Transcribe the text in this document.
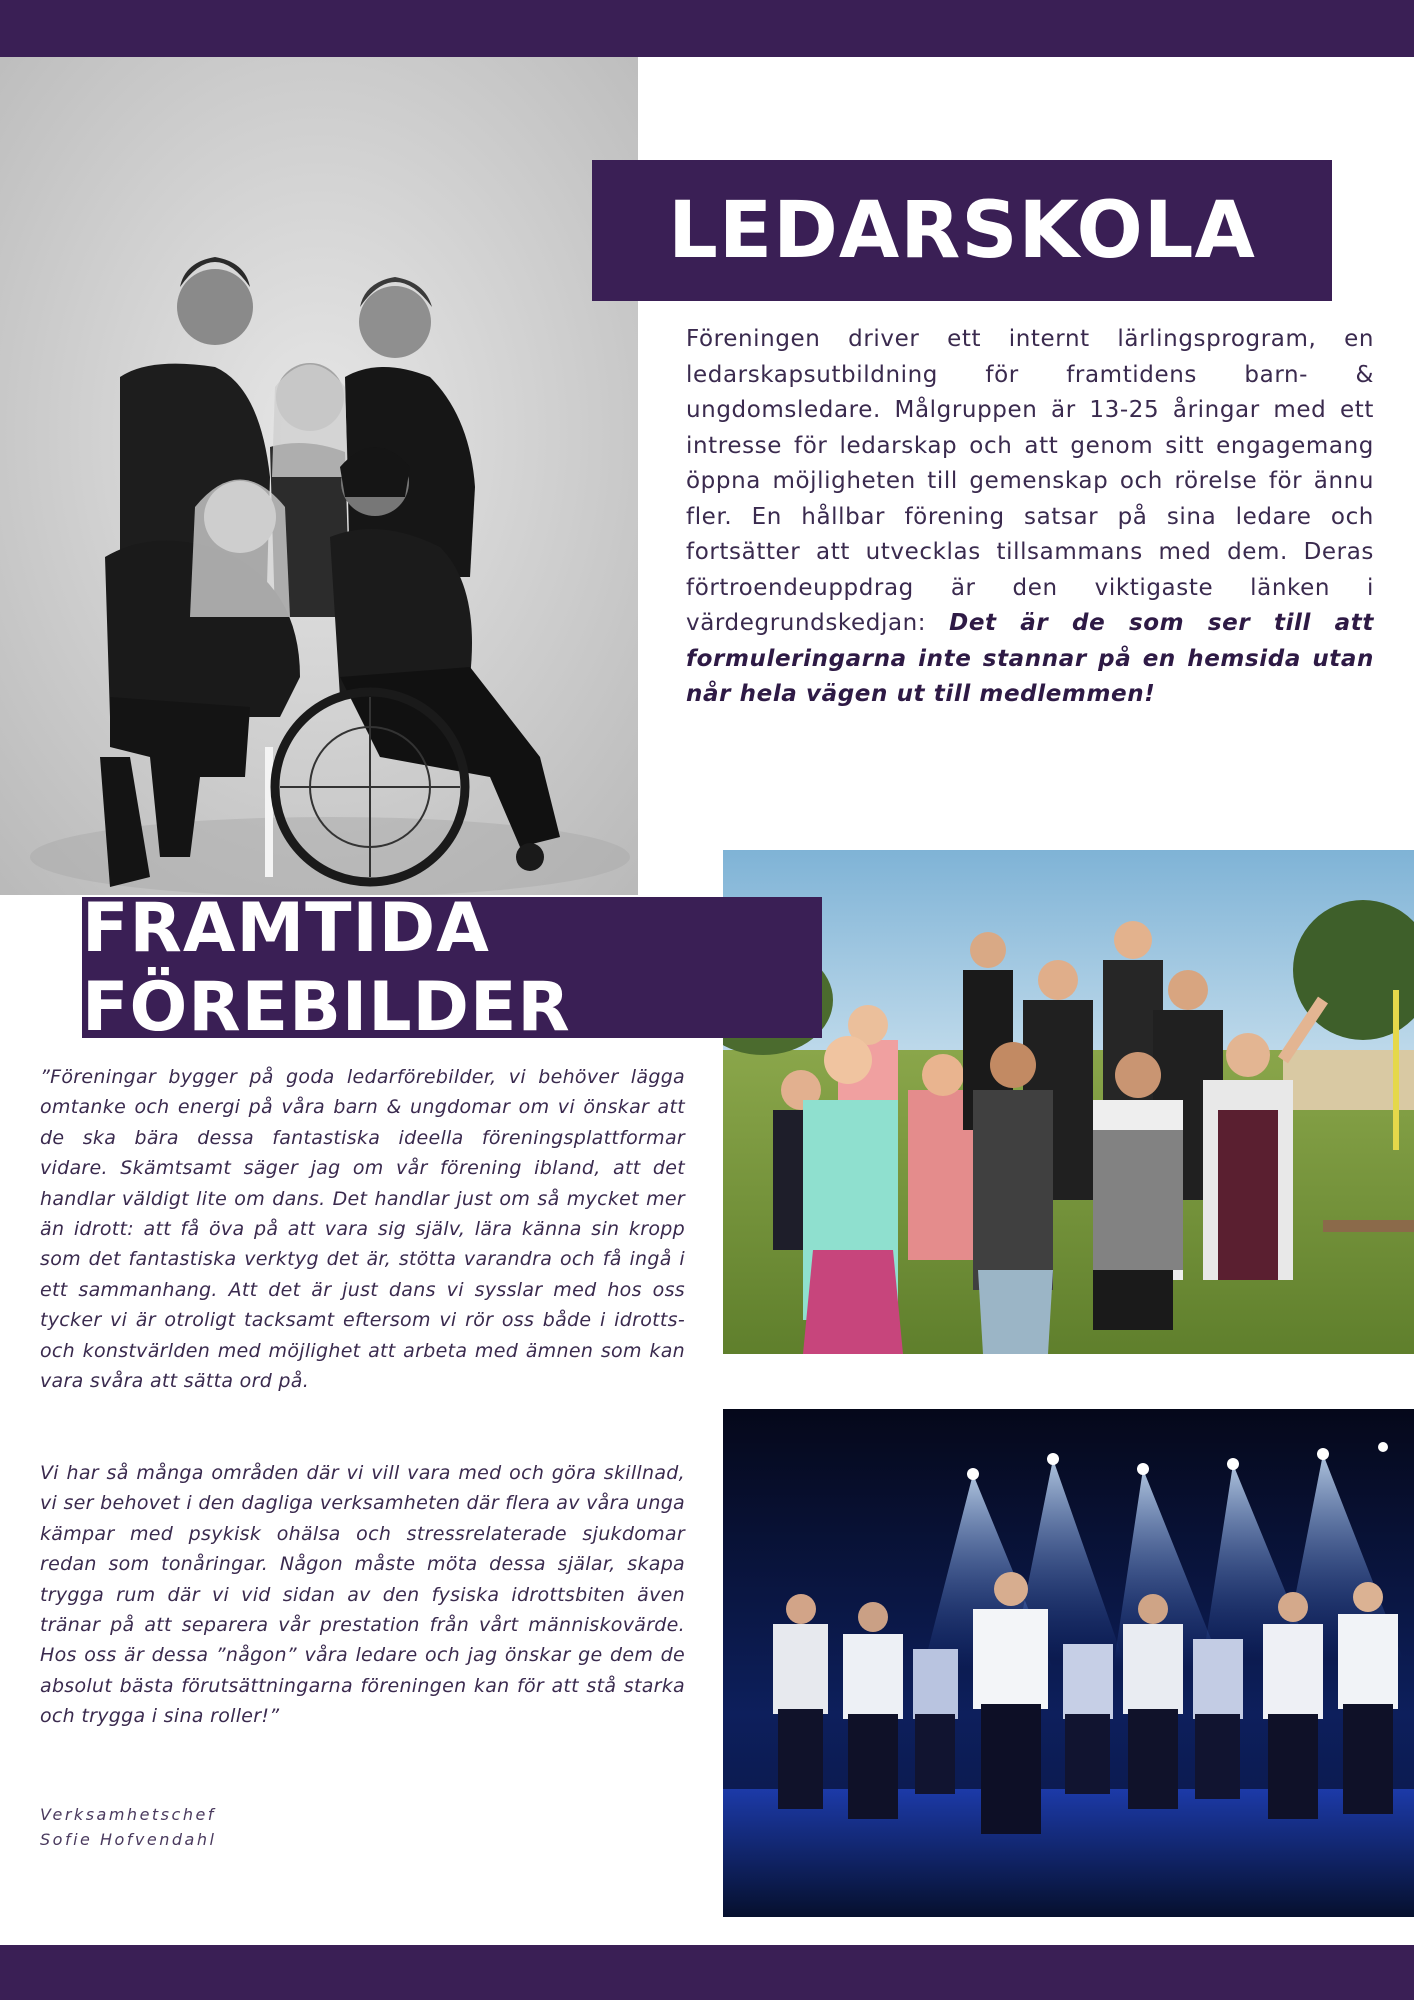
LEDARSKOLA

Föreningen driver ett internt lärlingsprogram, en ledarskapsutbildning för framtidens barn- & ungdomsledare. Målgruppen är 13-25 åringar med ett intresse för ledarskap och att genom sitt engagemang öppna möjligheten till gemenskap och rörelse för ännu fler. En hållbar förening satsar på sina ledare och fortsätter att utvecklas tillsammans med dem. Deras förtroendeuppdrag är den viktigaste länken i värdegrundskedjan: Det är de som ser till att formuleringarna inte stannar på en hemsida utan når hela vägen ut till medlemmen!

FRAMTIDA FÖREBILDER

”Föreningar bygger på goda ledarförebilder, vi behöver lägga omtanke och energi på våra barn & ungdomar om vi önskar att de ska bära dessa fantastiska ideella föreningsplattformar vidare. Skämtsamt säger jag om vår förening ibland, att det handlar väldigt lite om dans. Det handlar just om så mycket mer än idrott: att få öva på att vara sig själv, lära känna sin kropp som det fantastiska verktyg det är, stötta varandra och få ingå i ett sammanhang. Att det är just dans vi sysslar med hos oss tycker vi är otroligt tacksamt eftersom vi rör oss både i idrotts- och konstvärlden med möjlighet att arbeta med ämnen som kan vara svåra att sätta ord på.

Vi har så många områden där vi vill vara med och göra skillnad, vi ser behovet i den dagliga verksamheten där flera av våra unga kämpar med psykisk ohälsa och stressrelaterade sjukdomar redan som tonåringar. Någon måste möta dessa själar, skapa trygga rum där vi vid sidan av den fysiska idrottsbiten även tränar på att separera vår prestation från vårt människovärde. Hos oss är dessa ”någon” våra ledare och jag önskar ge dem de absolut bästa förutsättningarna föreningen kan för att stå starka och trygga i sina roller!”

Verksamhetschef
Sofie Hofvendahl
